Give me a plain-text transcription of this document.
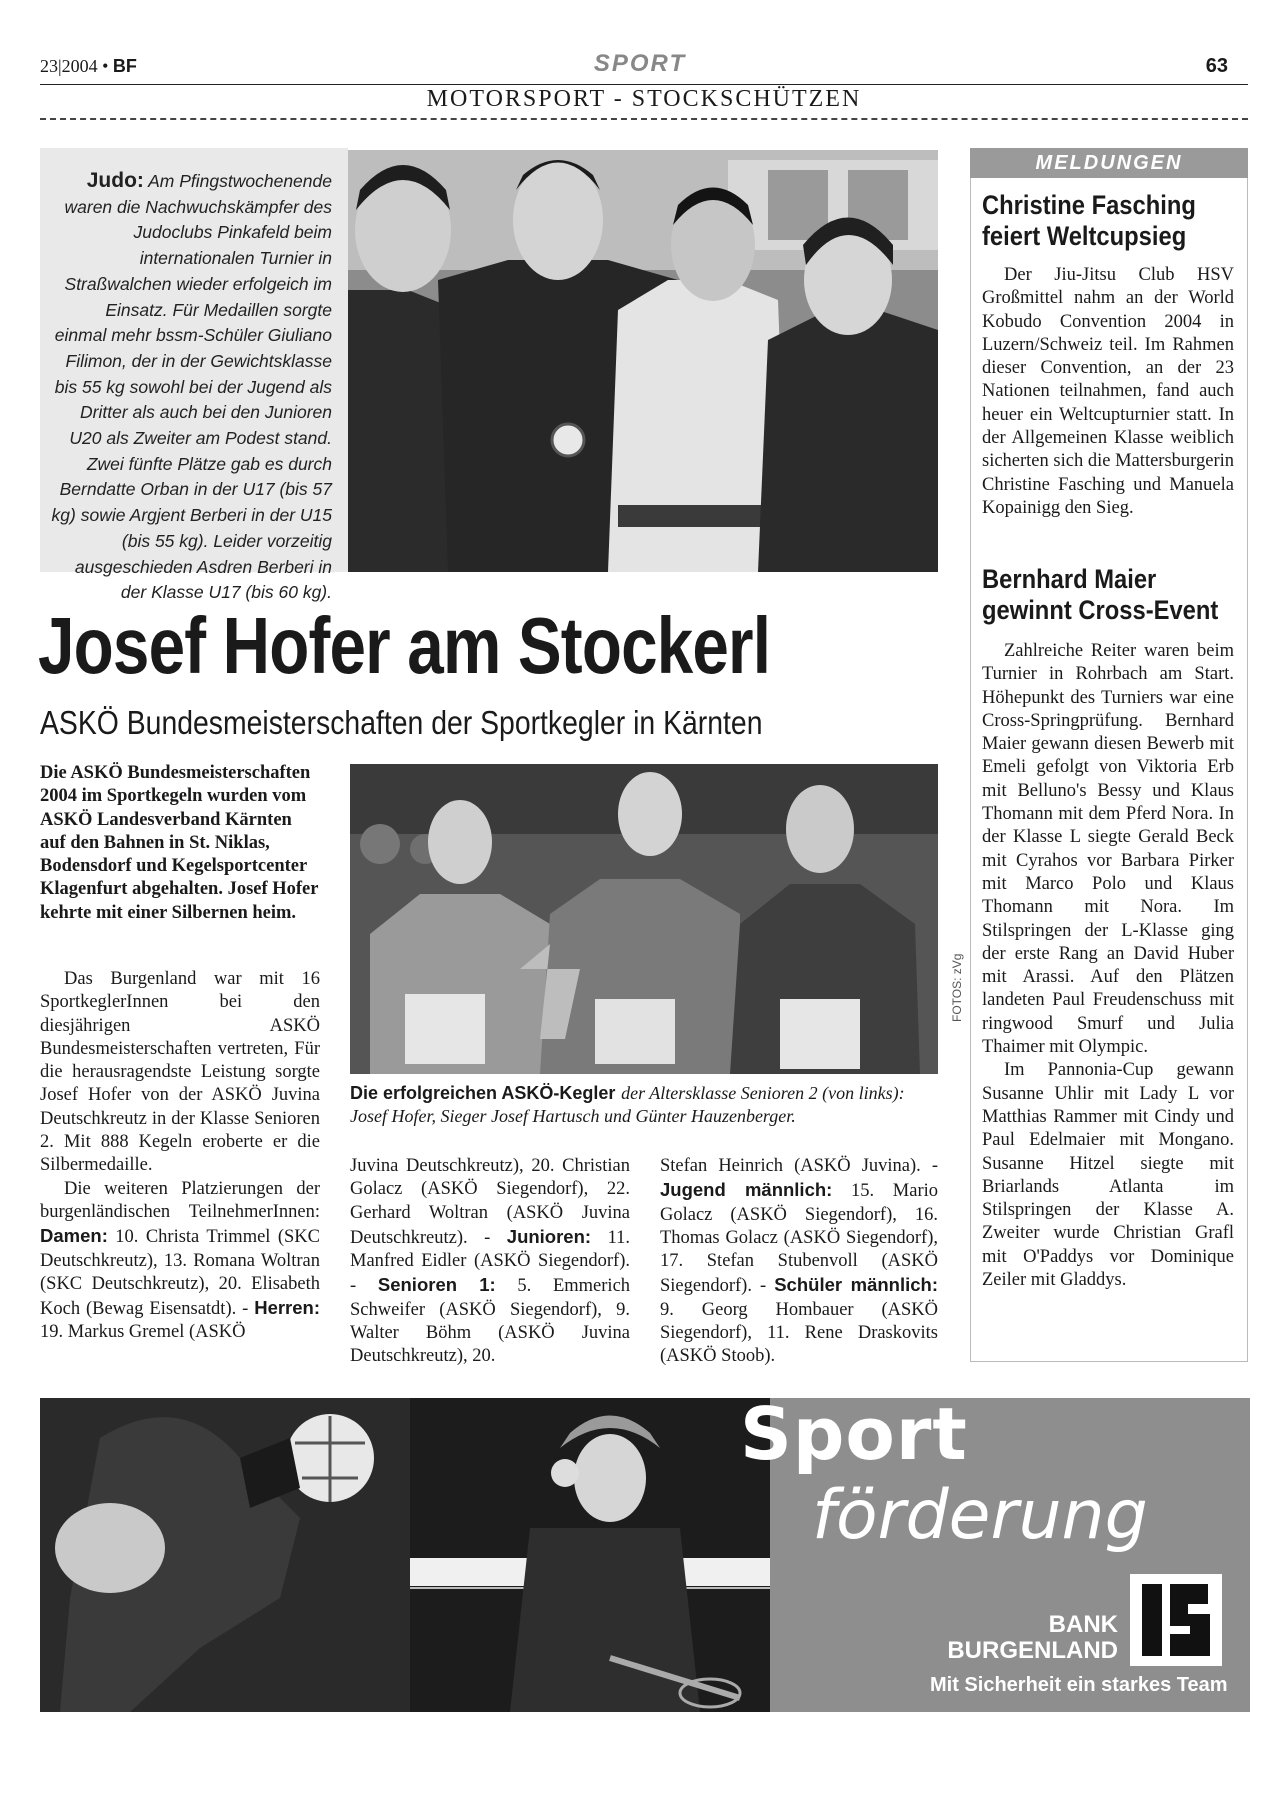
23|2004 • BF	SPORT	63
MOTORSPORT - STOCKSCHÜTZEN
Judo: Am Pfingstwochenende waren die Nachwuchskämpfer des Judoclubs Pinkafeld beim internationalen Turnier in Straßwalchen wieder erfolgeich im Einsatz. Für Medaillen sorgte einmal mehr bssm-Schüler Giuliano Filimon, der in der Gewichtsklasse bis 55 kg sowohl bei der Jugend als Dritter als auch bei den Junioren U20 als Zweiter am Podest stand. Zwei fünfte Plätze gab es durch Berndatte Orban in der U17 (bis 57 kg) sowie Argjent Berberi in der U15 (bis 55 kg). Leider vorzeitig ausgeschieden Asdren Berberi in der Klasse U17 (bis 60 kg).
Josef Hofer am Stockerl
ASKÖ Bundesmeisterschaften der Sportkegler in Kärnten
Die ASKÖ Bundesmeisterschaften 2004 im Sportkegeln wurden vom ASKÖ Landesverband Kärnten auf den Bahnen in St. Niklas, Bodensdorf und Kegelsportcenter Klagenfurt abgehalten. Josef Hofer kehrte mit einer Silbernen heim.

Das Burgenland war mit 16 SportkeglerInnen bei den diesjährigen ASKÖ Bundesmeisterschaften vertreten, Für die herausragendste Leistung sorgte Josef Hofer von der ASKÖ Juvina Deutschkreutz in der Klasse Senioren 2. Mit 888 Kegeln eroberte er die Silbermedaille.

Die weiteren Platzierungen der burgenländischen TeilnehmerInnen: Damen: 10. Christa Trimmel (SKC Deutschkreutz), 13. Romana Woltran (SKC Deutschkreutz), 20. Elisabeth Koch (Bewag Eisensatdt). - Herren: 19. Markus Gremel (ASKÖ

Juvina Deutschkreutz), 20. Christian Golacz (ASKÖ Siegendorf), 22. Gerhard Woltran (ASKÖ Juvina Deutschkreutz). - Junioren: 11. Manfred Eidler (ASKÖ Siegendorf). - Senioren 1: 5. Emmerich Schweifer (ASKÖ Siegendorf), 9. Walter Böhm (ASKÖ Juvina Deutschkreutz), 20.
Stefan Heinrich (ASKÖ Juvina). - Jugend männlich: 15. Mario Golacz (ASKÖ Siegendorf), 16. Thomas Golacz (ASKÖ Siegendorf), 17. Stefan Stubenvoll (ASKÖ Siegendorf). - Schüler männlich: 9. Georg Hombauer (ASKÖ Siegendorf), 11. Rene Draskovits (ASKÖ Stoob).
FOTOS: zVg
Die erfolgreichen ASKÖ-Kegler der Altersklasse Senioren 2 (von links): Josef Hofer, Sieger Josef Hartusch und Günter Hauzenberger.
MELDUNGEN
Christine Fasching feiert Weltcupsieg
Der Jiu-Jitsu Club HSV Großmittel nahm an der World Kobudo Convention 2004 in Luzern/Schweiz teil. Im Rahmen dieser Convention, an der 23 Nationen teilnahmen, fand auch heuer ein Weltcupturnier statt. In der Allgemeinen Klasse weiblich sicherten sich die Mattersburgerin Christine Fasching und Manuela Kopainigg den Sieg.
Bernhard Maier gewinnt Cross-Event
Zahlreiche Reiter waren beim Turnier in Rohrbach am Start. Höhepunkt des Turniers war eine Cross-Springprüfung. Bernhard Maier gewann diesen Bewerb mit Emeli gefolgt von Viktoria Erb mit Belluno's Bessy und Klaus Thomann mit dem Pferd Nora. In der Klasse L siegte Gerald Beck mit Cyrahos vor Barbara Pirker mit Marco Polo und Klaus Thomann mit Nora. Im Stilspringen der L-Klasse ging der erste Rang an David Huber mit Arassi. Auf den Plätzen landeten Paul Freudenschuss mit ringwood Smurf und Julia Thaimer mit Olympic.
Im Pannonia-Cup gewann Susanne Uhlir mit Lady L vor Matthias Rammer mit Cindy und Paul Edelmaier mit Mongano. Susanne Hitzel siegte mit Briarlands Atlanta im Stilspringen der Klasse A. Zweiter wurde Christian Grafl mit O'Paddys vor Dominique Zeiler mit Gladdys.
Sport
förderung
BANK
BURGENLAND
Mit Sicherheit ein starkes Team
